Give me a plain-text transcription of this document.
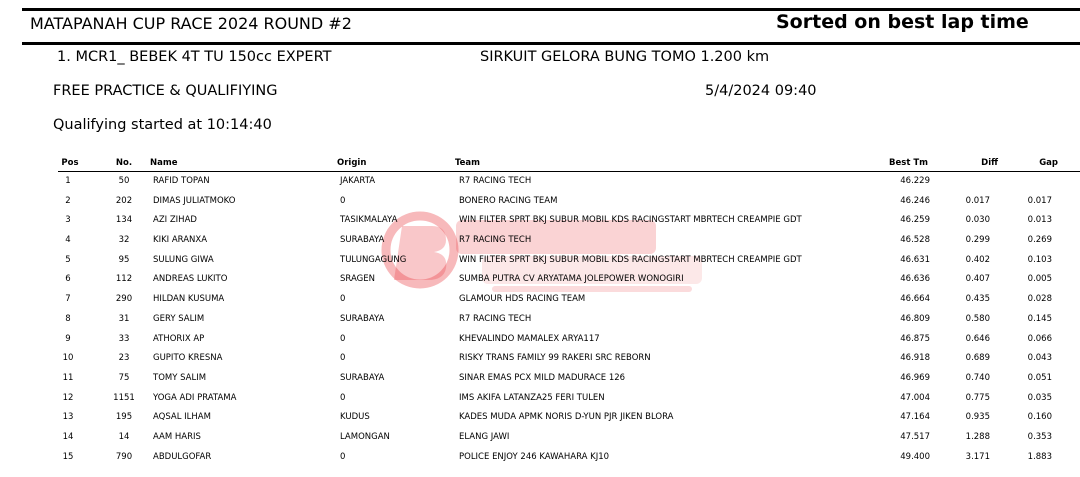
MATAPANAH CUP RACE 2024 ROUND #2	Sorted on best lap time
1. MCR1_ BEBEK 4T TU 150cc EXPERT	SIRKUIT GELORA BUNG TOMO 1.200 km
FREE PRACTICE & QUALIFIYING	5/4/2024 09:40
Qualifying started at 10:14:40
Pos	No.	Name	Origin	Team	Best Tm	Diff	Gap
1	50	RAFID TOPAN	JAKARTA	R7 RACING TECH	46.229
2	202	DIMAS JULIATMOKO	0	BONERO RACING TEAM	46.246	0.017	0.017
3	134	AZI ZIHAD	TASIKMALAYA	WIN FILTER SPRT BKJ SUBUR MOBIL KDS RACINGSTART MBRTECH CREAMPIE GDT	46.259	0.030	0.013
4	32	KIKI ARANXA	SURABAYA	R7 RACING TECH	46.528	0.299	0.269
5	95	SULUNG GIWA	TULUNGAGUNG	WIN FILTER SPRT BKJ SUBUR MOBIL KDS RACINGSTART MBRTECH CREAMPIE GDT	46.631	0.402	0.103
6	112	ANDREAS LUKITO	SRAGEN	SUMBA PUTRA CV ARYATAMA JOLEPOWER WONOGIRI	46.636	0.407	0.005
7	290	HILDAN KUSUMA	0	GLAMOUR HDS RACING TEAM	46.664	0.435	0.028
8	31	GERY SALIM	SURABAYA	R7 RACING TECH	46.809	0.580	0.145
9	33	ATHORIX AP	0	KHEVALINDO MAMALEX ARYA117	46.875	0.646	0.066
10	23	GUPITO KRESNA	0	RISKY TRANS FAMILY 99 RAKERI SRC REBORN	46.918	0.689	0.043
11	75	TOMY SALIM	SURABAYA	SINAR EMAS PCX MILD MADURACE 126	46.969	0.740	0.051
12	1151	YOGA ADI PRATAMA	0	IMS AKIFA LATANZA25 FERI TULEN	47.004	0.775	0.035
13	195	AQSAL ILHAM	KUDUS	KADES MUDA APMK NORIS D-YUN PJR JIKEN BLORA	47.164	0.935	0.160
14	14	AAM HARIS	LAMONGAN	ELANG JAWI	47.517	1.288	0.353
15	790	ABDULGOFAR	0	POLICE ENJOY 246 KAWAHARA KJ10	49.400	3.171	1.883
